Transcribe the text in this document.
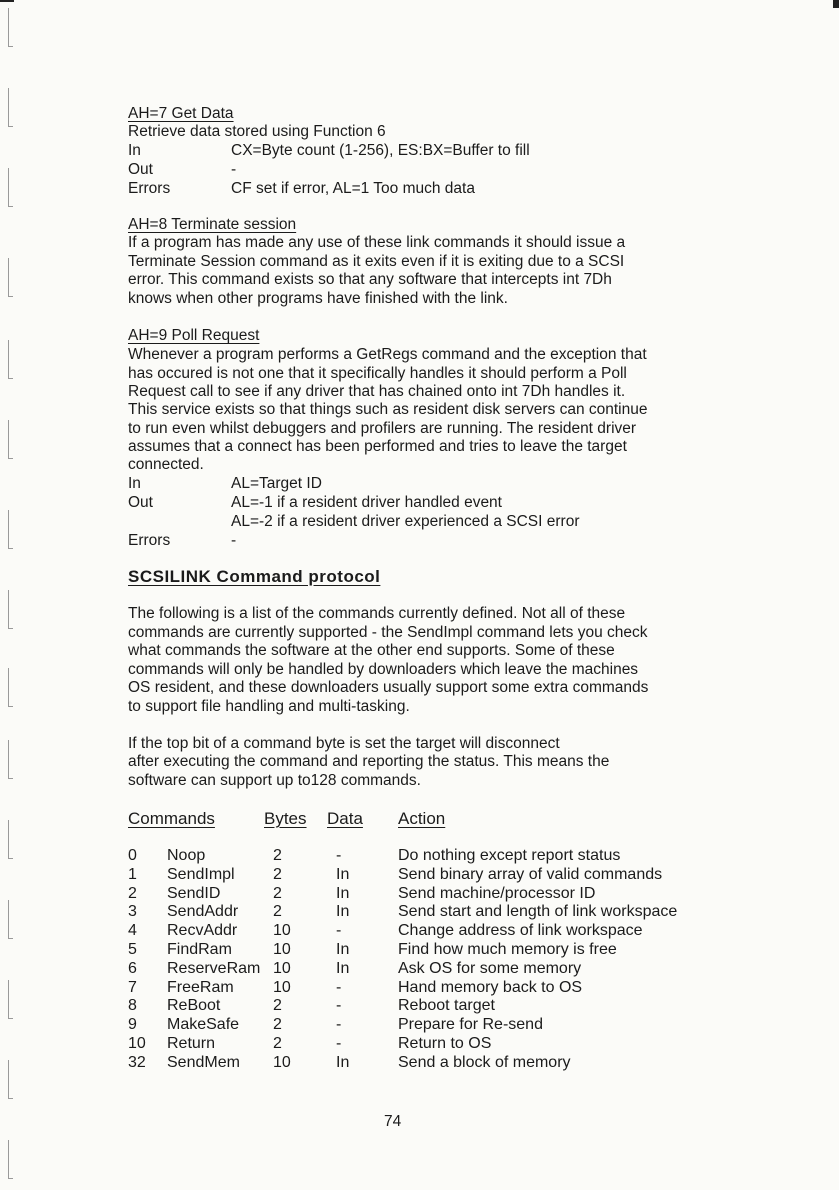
AH=7 Get Data
Retrieve data stored using Function 6
In	CX=Byte count (1-256), ES:BX=Buffer to fill
Out	-
Errors	CF set if error, AL=1 Too much data
AH=8 Terminate session
If a program has made any use of these link commands it should issue a
Terminate Session command as it exits even if it is exiting due to a SCSI
error. This command exists so that any software that intercepts int 7Dh
knows when other programs have finished with the link.
AH=9 Poll Request
Whenever a program performs a GetRegs command and the exception that
has occured is not one that it specifically handles it should perform a Poll
Request call to see if any driver that has chained onto int 7Dh handles it.
This service exists so that things such as resident disk servers can continue
to run even whilst debuggers and profilers are running. The resident driver
assumes that a connect has been performed and tries to leave the target
connected.
In	AL=Target ID
Out	AL=-1 if a resident driver handled event
AL=-2 if a resident driver experienced a SCSI error
Errors	-
SCSILINK Command protocol
The following is a list of the commands currently defined. Not all of these
commands are currently supported - the SendImpl command lets you check
what commands the software at the other end supports. Some of these
commands will only be handled by downloaders which leave the machines
OS resident, and these downloaders usually support some extra commands
to support file handling and multi-tasking.
If the top bit of a command byte is set the target will disconnect
after executing the command and reporting the status. This means the
software can support up to128 commands.
Commands	Bytes Data Action
0 Noop	2	-	Do nothing except report status
1 SendImpl 2	In	Send binary array of valid commands
2 SendID	2	In	Send machine/processor ID
3 SendAddr 2	In	Send start and length of link workspace
4 RecvAddr 10	-	Change address of link workspace
5 FindRam	10	In	Find how much memory is free
6 ReserveRam 10	In	Ask OS for some memory
7 FreeRam 10	-	Hand memory back to OS
8 ReBoot	2	-	Reboot target
9 MakeSafe 2	-	Prepare for Re-send
10 Return	2	-	Return to OS
32 SendMem 10	In	Send a block of memory
74
